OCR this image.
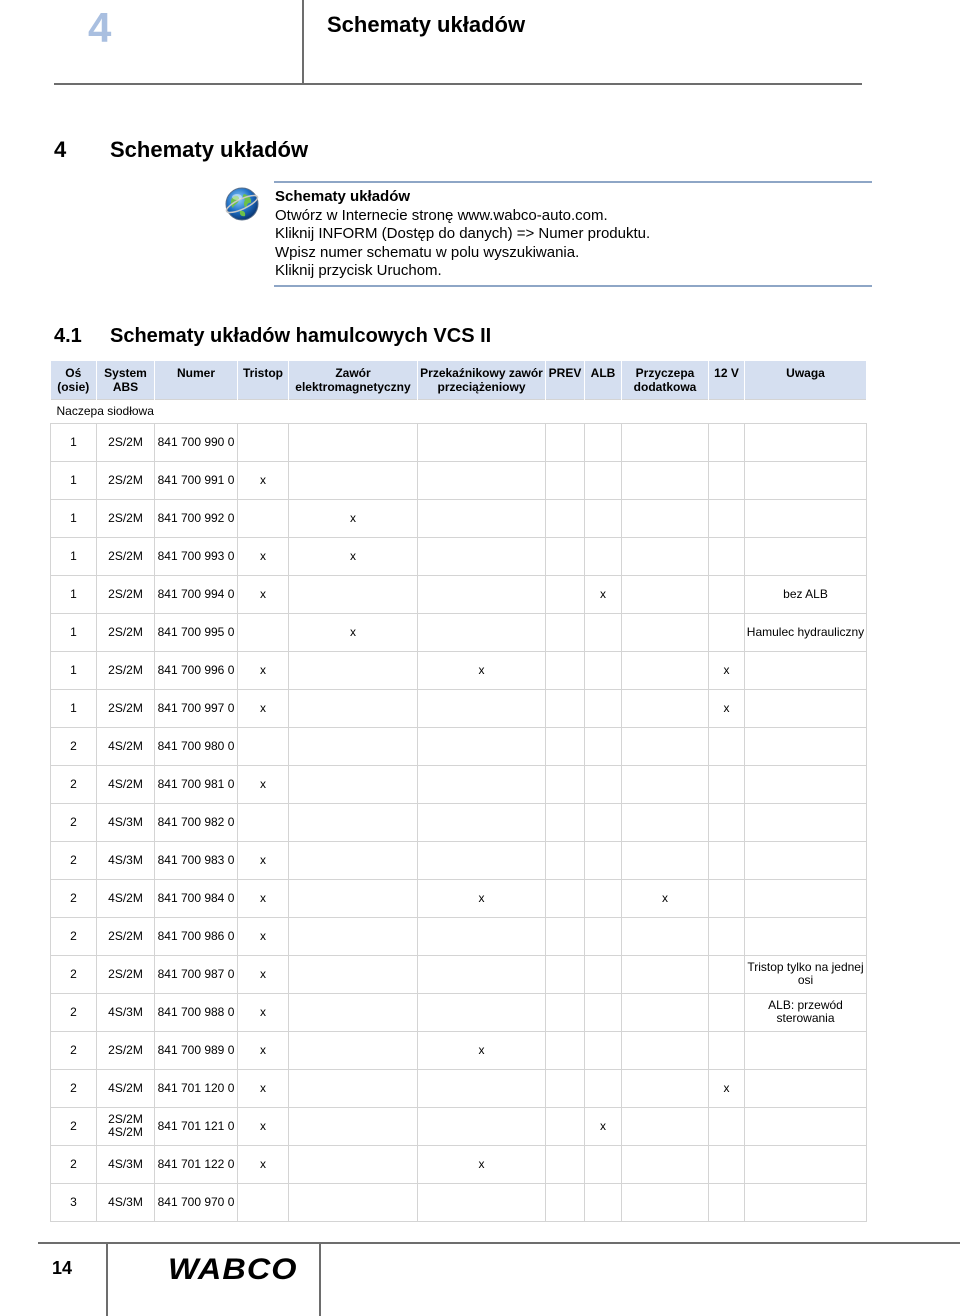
4	Schematy układów
4 Schematy układów
Schematy układów
Otwórz w Internecie stronę www.wabco-auto.com.
Kliknij INFORM (Dostęp do danych) => Numer produktu.
Wpisz numer schematu w polu wyszukiwania.
Kliknij przycisk Uruchom.
4.1 Schematy układów hamulcowych VCS II
Oś (osie)	System ABS	Numer	Tristop	Zawór elektromagnetyczny	Przekaźnikowy zawór przeciążeniowy	PREV	ALB	Przyczepa dodatkowa	12 V	Uwaga
Naczepa siodłowa										
1	2S/2M	841 700 990 0								
1	2S/2M	841 700 991 0	x							
1	2S/2M	841 700 992 0		x						
1	2S/2M	841 700 993 0	x	x						
1	2S/2M	841 700 994 0	x				x			bez ALB
1	2S/2M	841 700 995 0		x						Hamulec hydrauliczny
1	2S/2M	841 700 996 0	x		x				x	
1	2S/2M	841 700 997 0	x						x	
2	4S/2M	841 700 980 0								
2	4S/2M	841 700 981 0	x							
2	4S/3M	841 700 982 0								
2	4S/3M	841 700 983 0	x							
2	4S/2M	841 700 984 0	x		x			x		
2	2S/2M	841 700 986 0	x							
2	2S/2M	841 700 987 0	x							Tristop tylko na jednej osi
2	4S/3M	841 700 988 0	x							ALB: przewód sterowania
2	2S/2M	841 700 989 0	x		x					
2	4S/2M	841 701 120 0	x						x	
2	2S/2M 4S/2M	841 701 121 0	x				x			
2	4S/3M	841 701 122 0	x		x					
3	4S/3M	841 700 970 0								
14	WABCO
